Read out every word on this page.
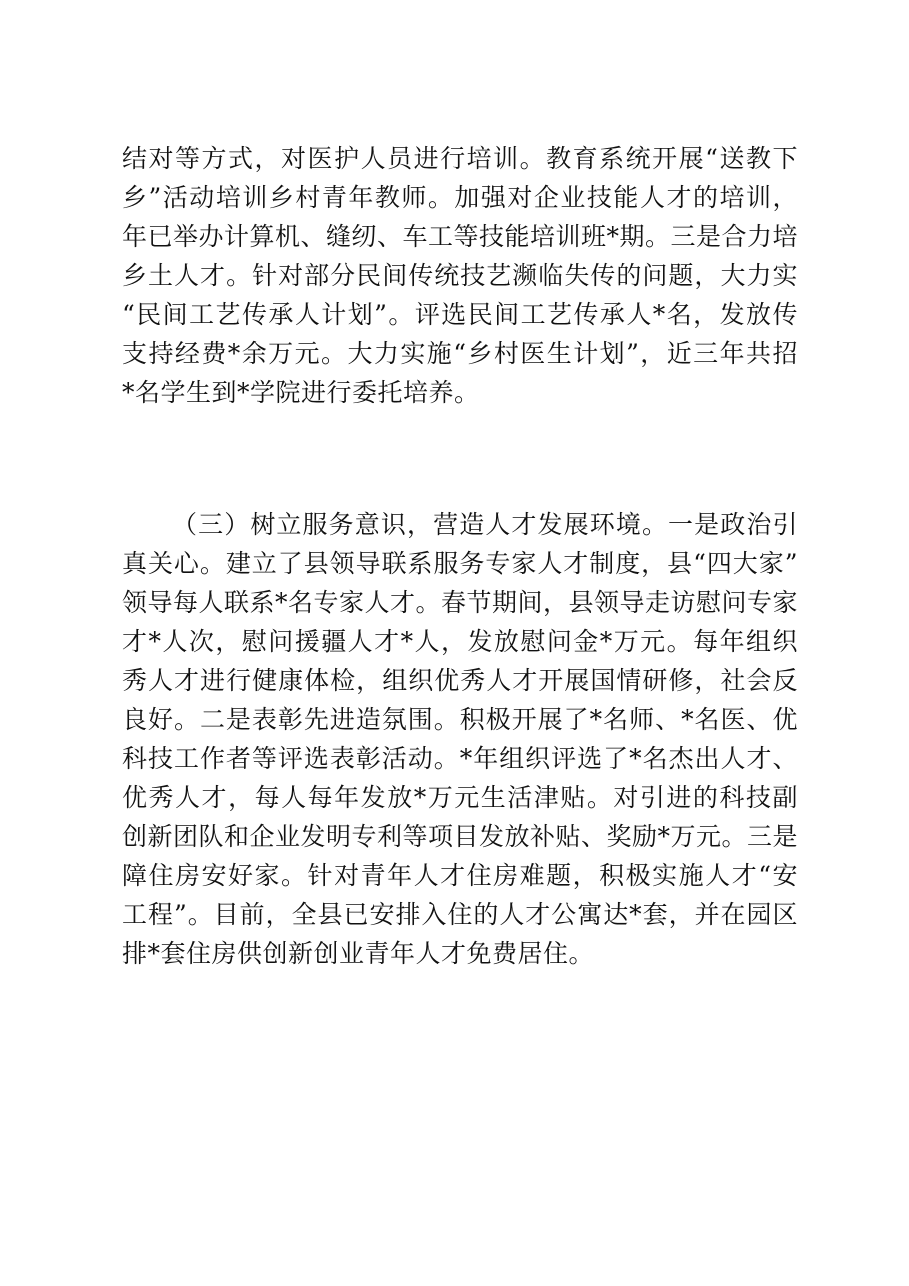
结对等方式，对医护人员进行培训。教育系统开展“送教下
乡”活动培训乡村青年教师。加强对企业技能人才的培训，
年已举办计算机、缝纫、车工等技能培训班*期。三是合力培
乡土人才。针对部分民间传统技艺濒临失传的问题，大力实
“民间工艺传承人计划”。评选民间工艺传承人*名，发放传
支持经费*余万元。大力实施“乡村医生计划”，近三年共招
*名学生到*学院进行委托培养。
（三）树立服务意识，营造人才发展环境。一是政治引
真关心。建立了县领导联系服务专家人才制度，县“四大家”
领导每人联系*名专家人才。春节期间，县领导走访慰问专家
才*人次，慰问援疆人才*人，发放慰问金*万元。每年组织
秀人才进行健康体检，组织优秀人才开展国情研修，社会反
良好。二是表彰先进造氛围。积极开展了*名师、*名医、优
科技工作者等评选表彰活动。*年组织评选了*名杰出人才、
优秀人才，每人每年发放*万元生活津贴。对引进的科技副
创新团队和企业发明专利等项目发放补贴、奖励*万元。三是
障住房安好家。针对青年人才住房难题，积极实施人才“安
工程”。目前，全县已安排入住的人才公寓达*套，并在园区
排*套住房供创新创业青年人才免费居住。
